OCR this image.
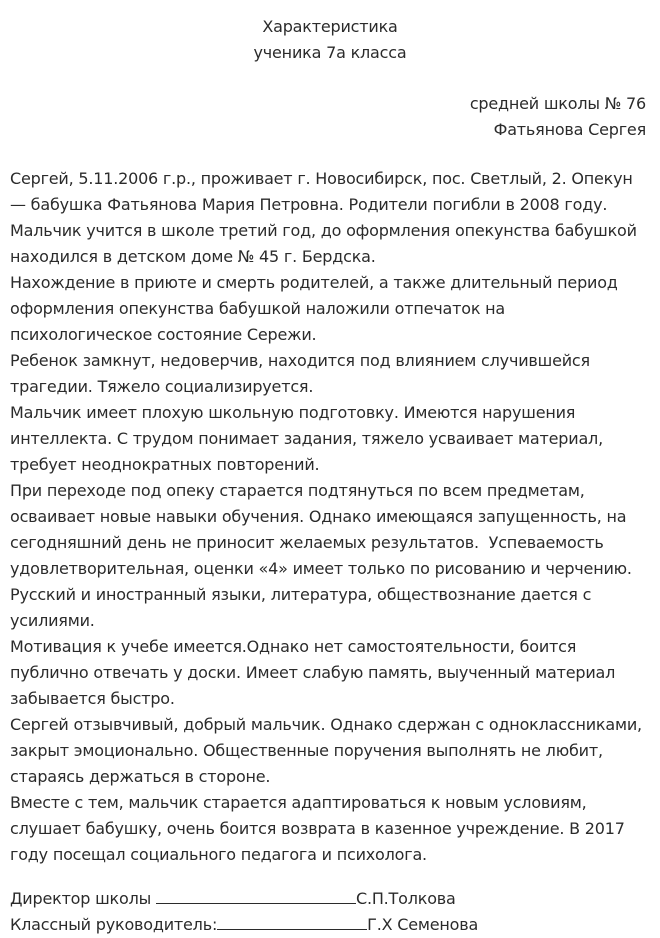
Характеристика
ученика 7а класса
средней школы № 76
Фатьянова Сергея

Сергей, 5.11.2006 г.р., проживает г. Новосибирск, пос. Светлый, 2. Опекун — бабушка Фатьянова Мария Петровна. Родители погибли в 2008 году.

Мальчик учится в школе третий год, до оформления опекунства бабушкой находился в детском доме № 45 г. Бердска.

Нахождение в приюте и смерть родителей, а также длительный период оформления опекунства бабушкой наложили отпечаток на психологическое состояние Сережи.

Ребенок замкнут, недоверчив, находится под влиянием случившейся трагедии. Тяжело социализируется.

Мальчик имеет плохую школьную подготовку. Имеются нарушения интеллекта. С трудом понимает задания, тяжело усваивает материал, требует неоднократных повторений.

При переходе под опеку старается подтянуться по всем предметам, осваивает новые навыки обучения. Однако имеющаяся запущенность, на сегодняшний день не приносит желаемых результатов.  Успеваемость удовлетворительная, оценки «4» имеет только по рисованию и черчению. Русский и иностранный языки, литература, обществознание дается с усилиями.

Мотивация к учебе имеется.Однако нет самостоятельности, боится публично отвечать у доски. Имеет слабую память, выученный материал забывается быстро.

Сергей отзывчивый, добрый мальчик. Однако сдержан с одноклассниками, закрыт эмоционально. Общественные поручения выполнять не любит, стараясь держаться в стороне.

Вместе с тем, мальчик старается адаптироваться к новым условиям, слушает бабушку, очень боится возврата в казенное учреждение. В 2017 году посещал социального педагога и психолога.

Директор школы	С.П.Толкова
Классный руководитель:	Г.Х Семенова
